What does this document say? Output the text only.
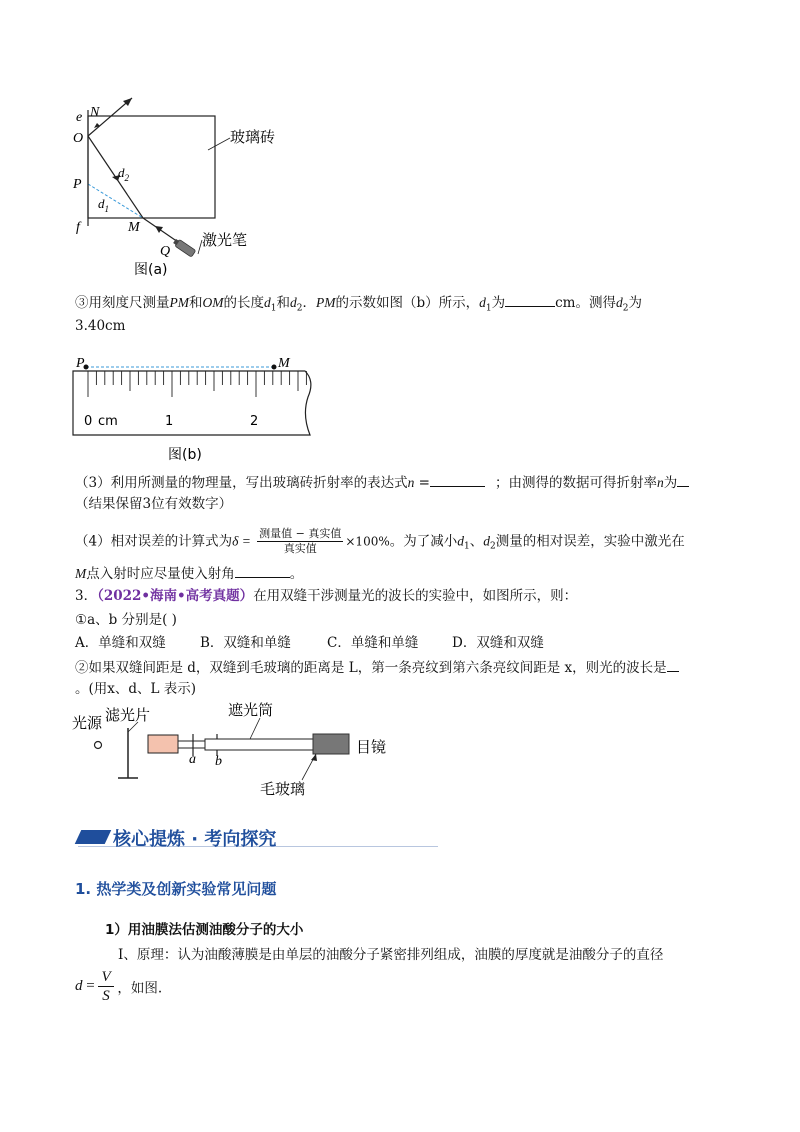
e N
O
P
f	M
Q
$d_2$
$d_1$
玻璃砖
激光笔
图(a)
③用刻度尺测量PM和OM的长度$d_1$和$d_2$．PM的示数如图（b）所示，$d_1$为	cm。测得$d_2$为
3.40cm
P	M
0 cm	1	2
图(b)
（3）利用所测量的物理量，写出玻璃砖折射率的表达式n =	；由测得的数据可得折射率n为
（结果保留3位有效数字）
（4）相对误差的计算式为δ = 测量值 − 真实值
真实值	×100%。为了减小$d_1$、$d_2$测量的相对误差，实验中激光在
M点入射时应尽量使入射角	。
3．（2022•海南•高考真题）在用双缝干涉测量光的波长的实验中，如图所示，则：
①a、b 分别是( )
A．单缝和双缝	B．双缝和单缝	C．单缝和单缝 D．双缝和双缝
②如果双缝间距是 d，双缝到毛玻璃的距离是 L，第一条亮纹到第六条亮纹间距是 x，则光的波长是
。(用x、d、L 表示)
光源 滤光片
a b
遮光筒
目镜
毛玻璃
核心提炼 · 考向探究
1. 热学类及创新实验常见问题
1）用油膜法估测油酸分子的大小
Ⅰ、原理：认为油酸薄膜是由单层的油酸分子紧密排列组成，油膜的厚度就是油酸分子的直径
$d = \frac{V}{S}$ ，如图.
